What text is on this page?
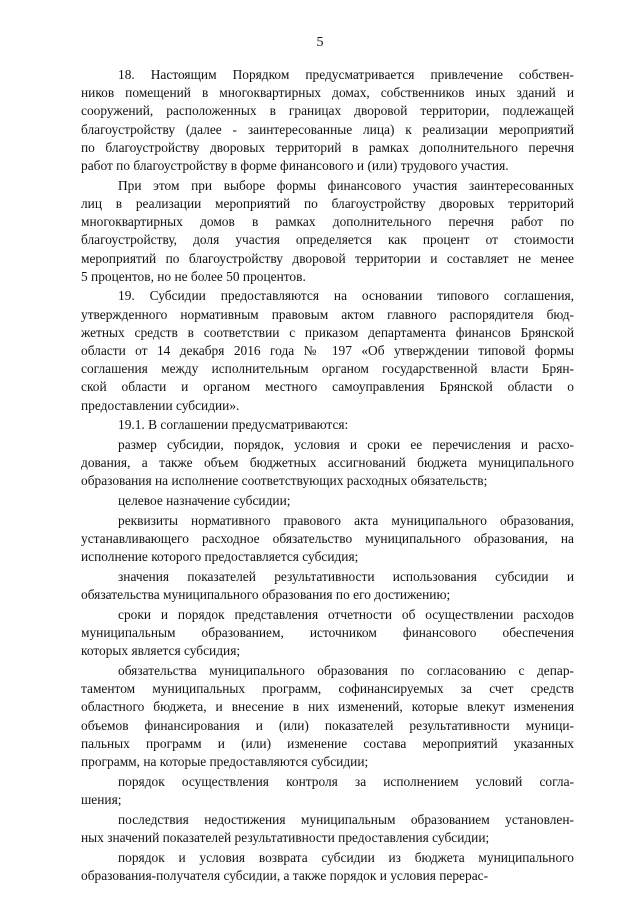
5
18. Настоящим Порядком предусматривается привлечение собствен-
ников помещений в многоквартирных домах, собственников иных зданий и
сооружений, расположенных в границах дворовой территории, подлежащей
благоустройству (далее - заинтересованные лица) к реализации мероприятий
по благоустройству дворовых территорий в рамках дополнительного перечня
работ по благоустройству в форме финансового и (или) трудового участия.
При этом при выборе формы финансового участия заинтересованных
лиц в реализации мероприятий по благоустройству дворовых территорий
многоквартирных домов в рамках дополнительного перечня работ по
благоустройству, доля участия определяется как процент от стоимости
мероприятий по благоустройству дворовой территории и составляет не менее
5 процентов, но не более 50 процентов.
19. Субсидии предоставляются на основании типового соглашения,
утвержденного нормативным правовым актом главного распорядителя бюд-
жетных средств в соответствии с приказом департамента финансов Брянской
области от 14 декабря 2016 года № 197 «Об утверждении типовой формы
соглашения между исполнительным органом государственной власти Брян-
ской области и органом местного самоуправления Брянской области о
предоставлении субсидии».
19.1. В соглашении предусматриваются:
размер субсидии, порядок, условия и сроки ее перечисления и расхо-
дования, а также объем бюджетных ассигнований бюджета муниципального
образования на исполнение соответствующих расходных обязательств;
целевое назначение субсидии;
реквизиты нормативного правового акта муниципального образования,
устанавливающего расходное обязательство муниципального образования, на
исполнение которого предоставляется субсидия;
значения показателей результативности использования субсидии и
обязательства муниципального образования по его достижению;
сроки и порядок представления отчетности об осуществлении расходов
муниципальным образованием, источником финансового обеспечения
которых является субсидия;
обязательства муниципального образования по согласованию с депар-
таментом муниципальных программ, софинансируемых за счет средств
областного бюджета, и внесение в них изменений, которые влекут изменения
объемов финансирования и (или) показателей результативности муници-
пальных программ и (или) изменение состава мероприятий указанных
программ, на которые предоставляются субсидии;
порядок осуществления контроля за исполнением условий согла-
шения;
последствия недостижения муниципальным образованием установлен-
ных значений показателей результативности предоставления субсидии;
порядок и условия возврата субсидии из бюджета муниципального
образования-получателя субсидии, а также порядок и условия перерас-
